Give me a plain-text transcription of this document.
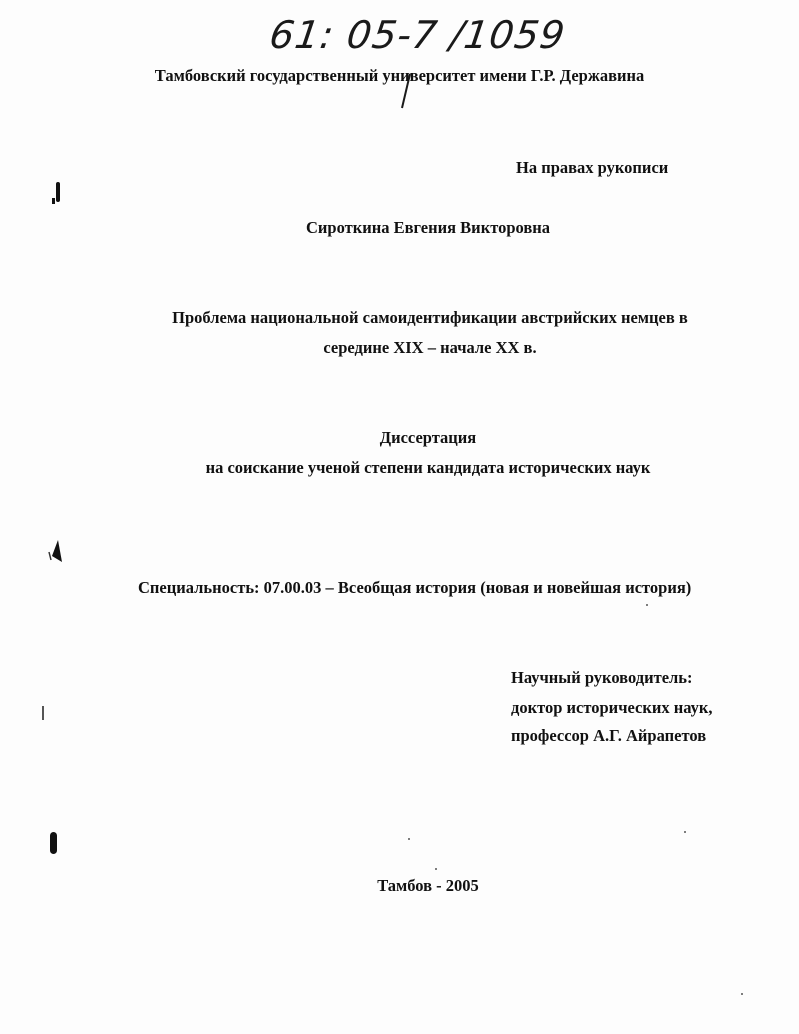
61: 05-7 /1059
Тамбовский государственный университет имени Г.Р. Державина
На правах рукописи
Сироткина Евгения Викторовна
Проблема национальной самоидентификации австрийских немцев в
середине XIX – начале XX в.
Диссертация
на соискание ученой степени кандидата исторических наук
Специальность: 07.00.03 – Всеобщая история (новая и новейшая история)
Научный руководитель:
доктор исторических наук,
профессор А.Г. Айрапетов
Тамбов - 2005
